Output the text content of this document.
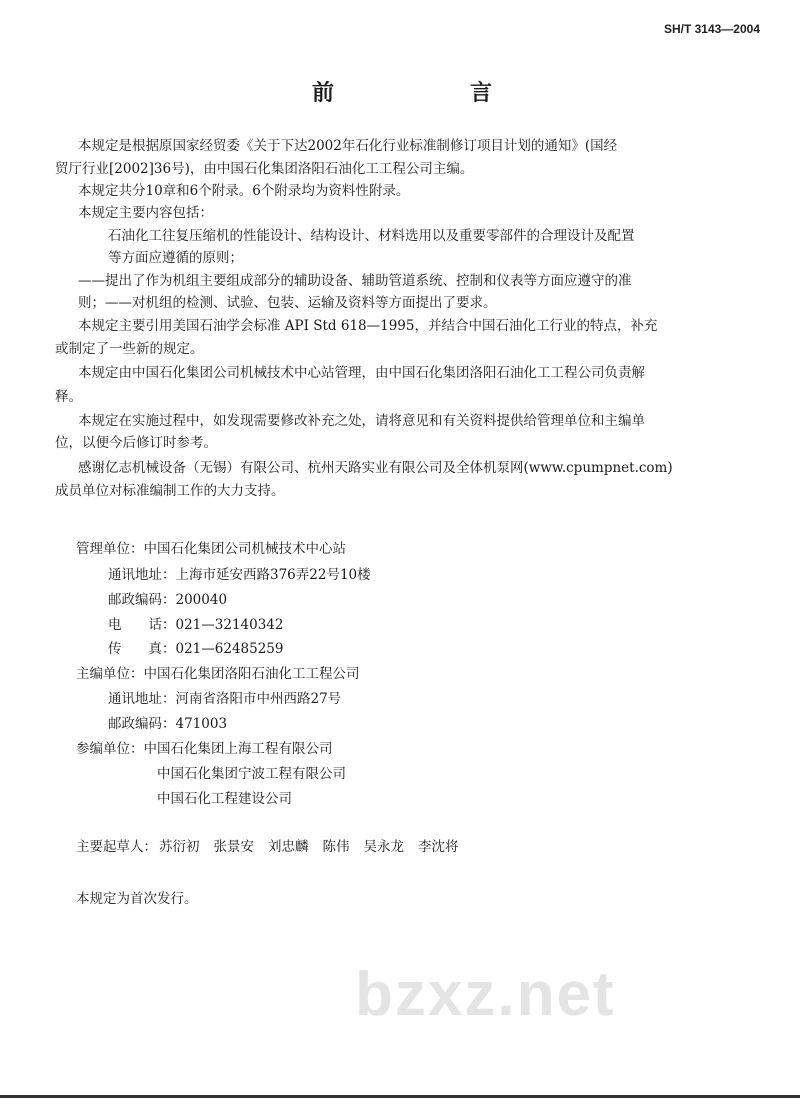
SH/T 3143—2004
前	言
bzxz.net
本规定是根据原国家经贸委《关于下达2002年石化行业标准制修订项目计划的通知》(国经
贸厅行业[2002]36号)，由中国石化集团洛阳石油化工工程公司主编。
本规定共分10章和6个附录。6个附录均为资料性附录。
本规定主要内容包括：
石油化工往复压缩机的性能设计、结构设计、材料选用以及重要零部件的合理设计及配置
等方面应遵循的原则；
——提出了作为机组主要组成部分的辅助设备、辅助管道系统、控制和仪表等方面应遵守的准
则；——对机组的检测、试验、包装、运输及资料等方面提出了要求。
本规定主要引用美国石油学会标准 API Std 618—1995，并结合中国石油化工行业的特点，补充
或制定了一些新的规定。
本规定由中国石化集团公司机械技术中心站管理，由中国石化集团洛阳石油化工工程公司负责解
释。
本规定在实施过程中，如发现需要修改补充之处，请将意见和有关资料提供给管理单位和主编单
位，以便今后修订时参考。
感谢亿志机械设备（无锡）有限公司、杭州天路实业有限公司及全体机泵网(www.cpumpnet.com)
成员单位对标准编制工作的大力支持。
管理单位：中国石化集团公司机械技术中心站
通讯地址：上海市延安西路376弄22号10楼
邮政编码：200040
电　　话：021—32140342
传　　真：021—62485259
主编单位：中国石化集团洛阳石油化工工程公司
通讯地址：河南省洛阳市中州西路27号
邮政编码：471003
参编单位：中国石化集团上海工程有限公司
中国石化集团宁波工程有限公司
中国石化工程建设公司
主要起草人： 苏衍初 张景安 刘忠麟 陈伟 吴永龙 李沈将
本规定为首次发行。
